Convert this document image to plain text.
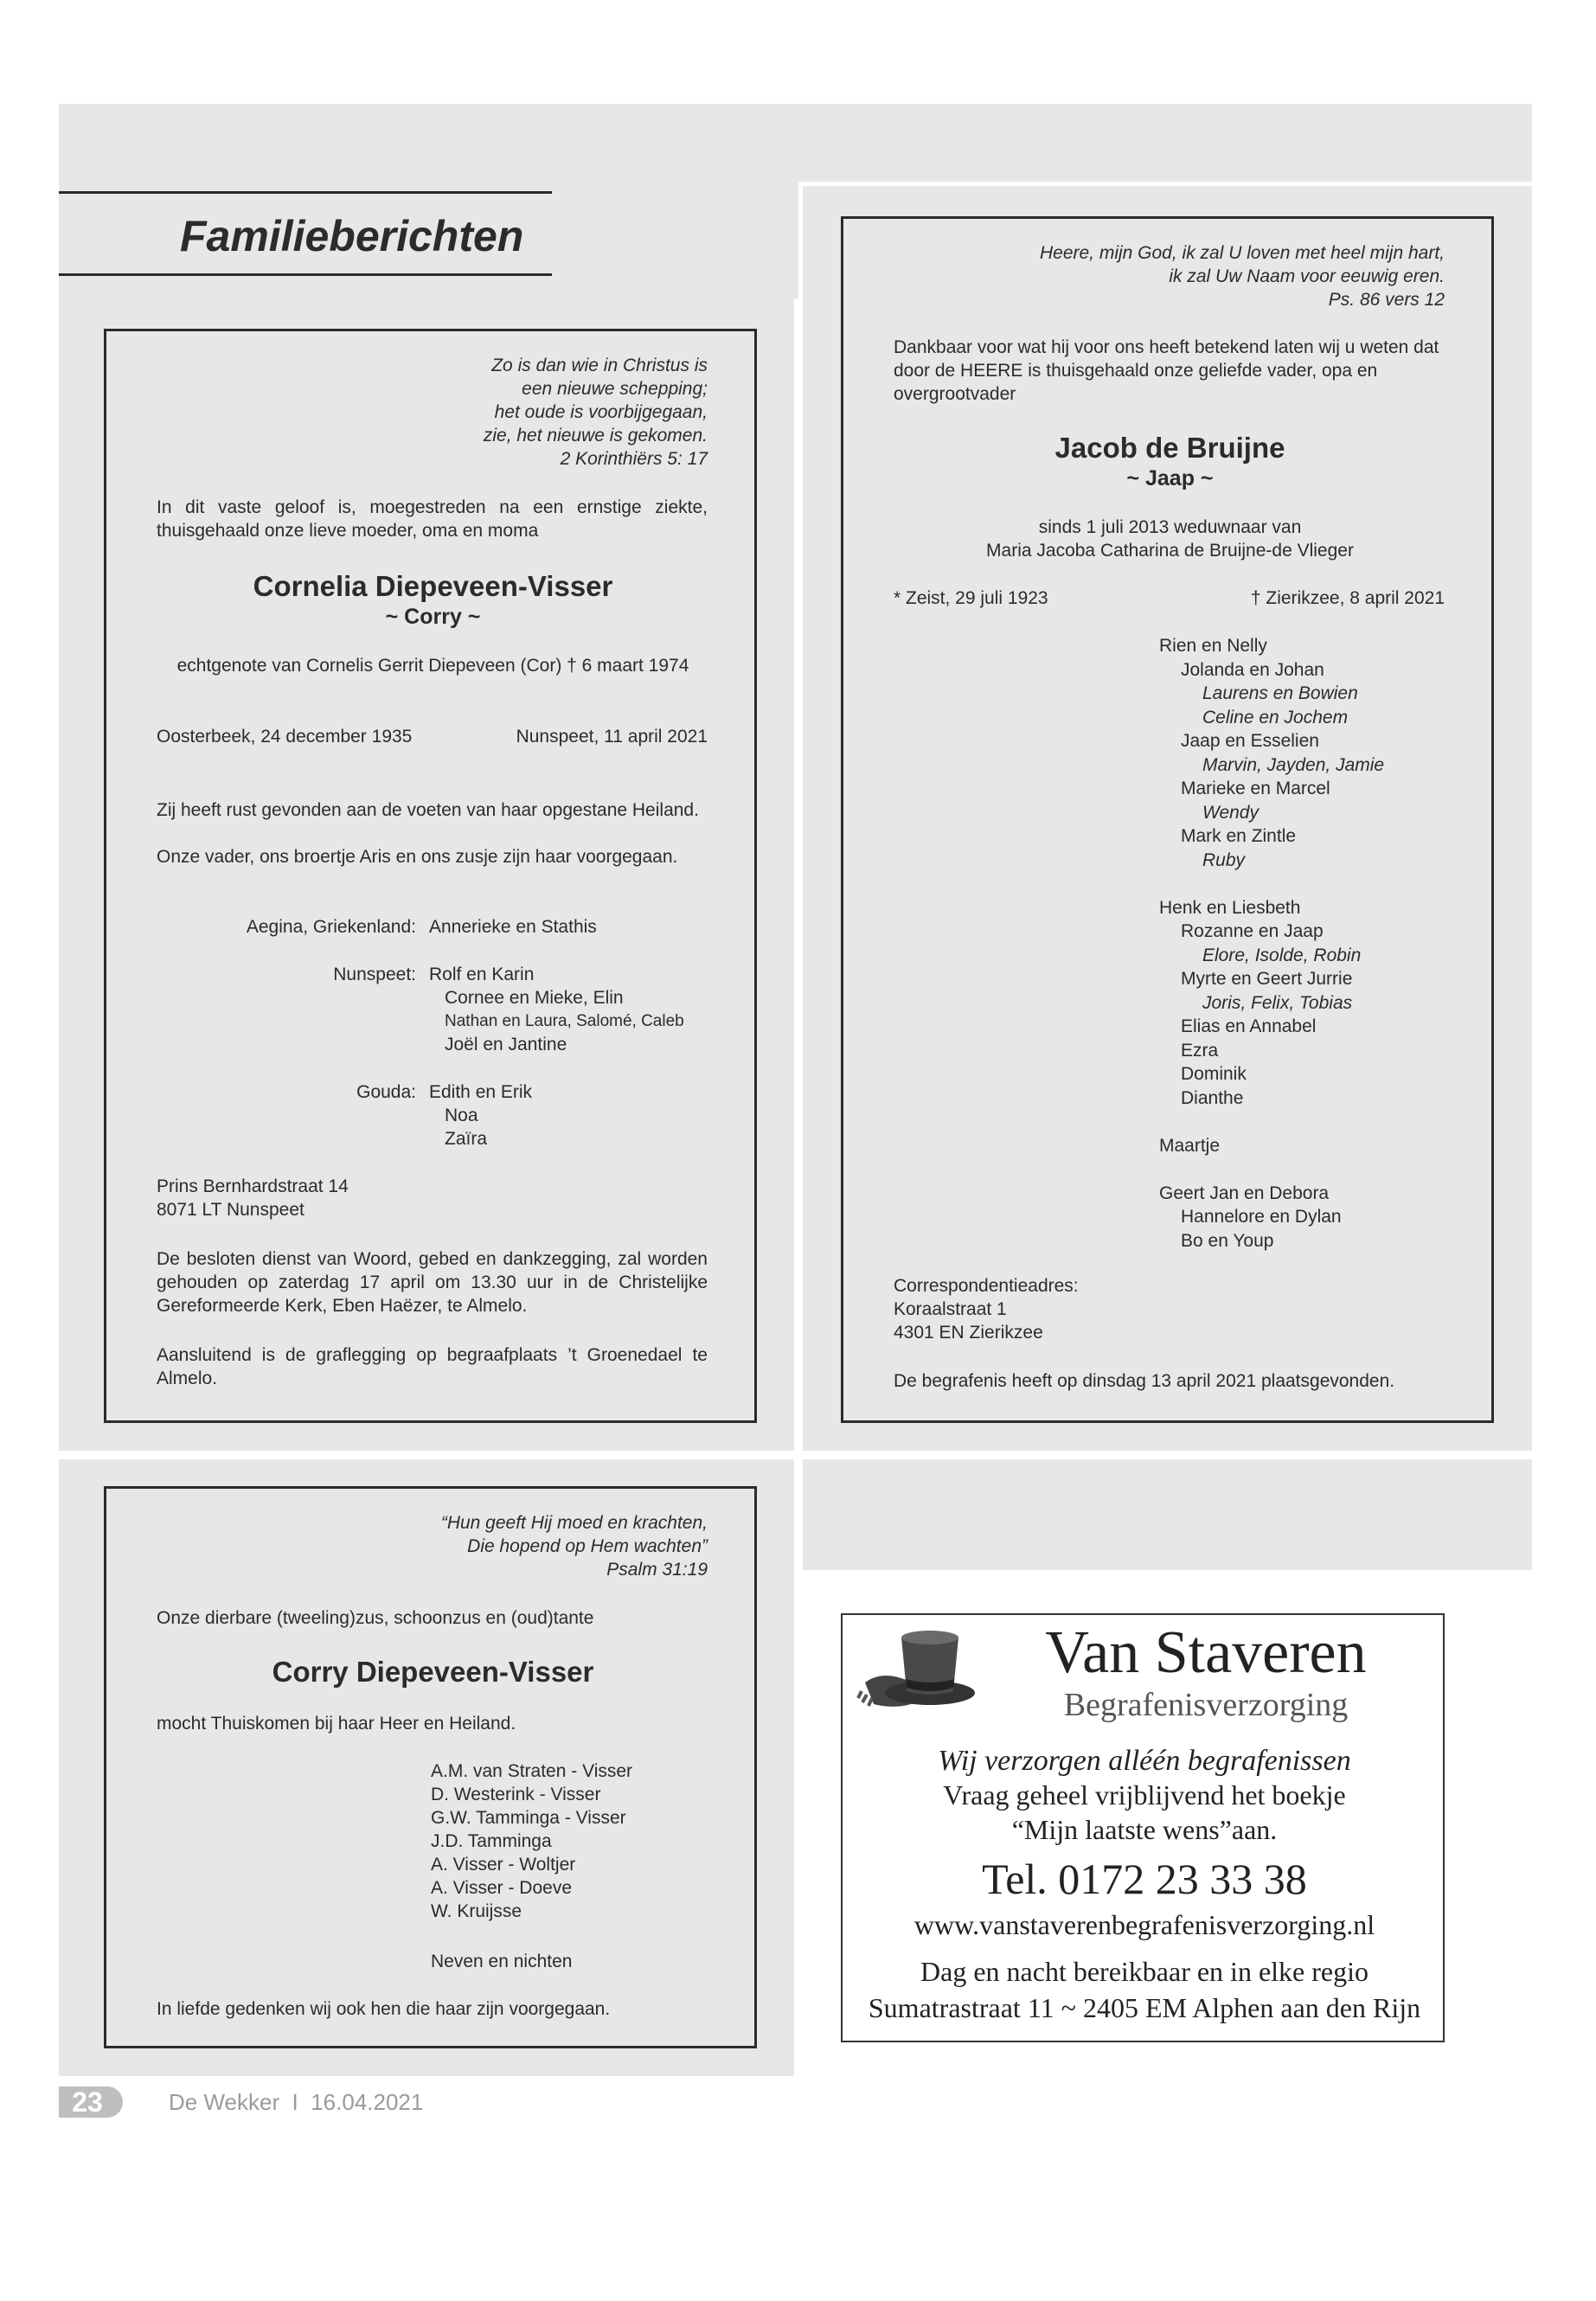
Familieberichten
Zo is dan wie in Christus is
een nieuwe schepping;
het oude is voorbijgegaan,
zie, het nieuwe is gekomen.
2 Korinthiërs 5: 17
In dit vaste geloof is, moegestreden na een ernstige ziekte, thuisgehaald onze lieve moeder, oma en moma
Cornelia Diepeveen-Visser
~ Corry ~
echtgenote van Cornelis Gerrit Diepeveen (Cor) † 6 maart 1974
Oosterbeek, 24 december 1935	Nunspeet, 11 april 2021
Zij heeft rust gevonden aan de voeten van haar opgestane Heiland.
Onze vader, ons broertje Aris en ons zusje zijn haar voorgegaan.
Aegina, Griekenland: Annerieke en Stathis
Nunspeet: Rolf en Karin
Cornee en Mieke, Elin
Nathan en Laura, Salomé, Caleb
Joël en Jantine
Gouda: Edith en Erik
Noa
Zaïra
Prins Bernhardstraat 14
8071 LT Nunspeet
De besloten dienst van Woord, gebed en dankzegging, zal worden gehouden op zaterdag 17 april om 13.30 uur in de Christelijke Gereformeerde Kerk, Eben Haëzer, te Almelo.
Aansluitend is de graflegging op begraafplaats ’t Groenedael te Almelo.
Heere, mijn God, ik zal U loven met heel mijn hart,
ik zal Uw Naam voor eeuwig eren.
Ps. 86 vers 12
Dankbaar voor wat hij voor ons heeft betekend laten wij u weten dat door de HEERE is thuisgehaald onze geliefde vader, opa en overgrootvader
Jacob de Bruijne
~ Jaap ~
sinds 1 juli 2013 weduwnaar van
Maria Jacoba Catharina de Bruijne-de Vlieger
* Zeist, 29 juli 1923	† Zierikzee, 8 april 2021
Rien en Nelly
Jolanda en Johan
Laurens en Bowien
Celine en Jochem
Jaap en Esselien
Marvin, Jayden, Jamie
Marieke en Marcel
Wendy
Mark en Zintle
Ruby
Henk en Liesbeth
Rozanne en Jaap
Elore, Isolde, Robin
Myrte en Geert Jurrie
Joris, Felix, Tobias
Elias en Annabel
Ezra
Dominik
Dianthe
Maartje
Geert Jan en Debora
Hannelore en Dylan
Bo en Youp
Correspondentieadres:
Koraalstraat 1
4301 EN Zierikzee
De begrafenis heeft op dinsdag 13 april 2021 plaatsgevonden.
“Hun geeft Hij moed en krachten,
Die hopend op Hem wachten”
Psalm 31:19
Onze dierbare (tweeling)zus, schoonzus en (oud)tante
Corry Diepeveen-Visser
mocht Thuiskomen bij haar Heer en Heiland.
A.M. van Straten - Visser
D. Westerink - Visser
G.W. Tamminga - Visser
J.D. Tamminga
A. Visser - Woltjer
A. Visser - Doeve
W. Kruijsse
Neven en nichten
In liefde gedenken wij ook hen die haar zijn voorgegaan.
Van Staveren
Begrafenisverzorging
Wij verzorgen alléén begrafenissen
Vraag geheel vrijblijvend het boekje
“Mijn laatste wens”aan.
Tel. 0172 23 33 38
www.vanstaverenbegrafenisverzorging.nl
Dag en nacht bereikbaar en in elke regio
Sumatrastraat 11 ~ 2405 EM Alphen aan den Rijn
23	De Wekker  I  16.04.2021
